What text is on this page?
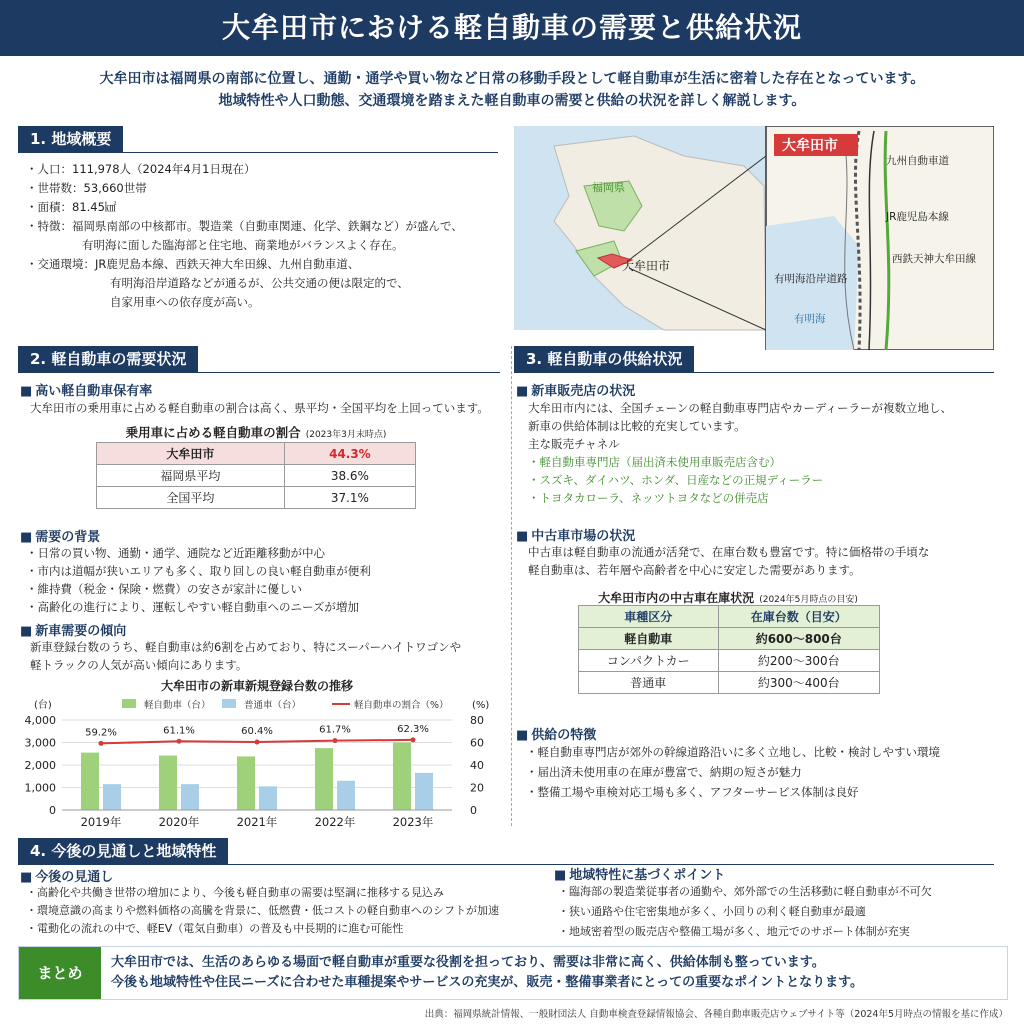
大牟田市における軽自動車の需要と供給状況
大牟田市は福岡県の南部に位置し、通勤・通学や買い物など日常の移動手段として軽自動車が生活に密着した存在となっています。
地域特性や人口動態、交通環境を踏まえた軽自動車の需要と供給の状況を詳しく解説します。
1. 地域概要
・人口：111,978人（2024年4月1日現在）
・世帯数：53,660世帯
・面積：81.45㎢
・特徴：福岡県南部の中核都市。製造業（自動車関連、化学、鉄鋼など）が盛んで、
有明海に面した臨海部と住宅地、商業地がバランスよく存在。
・交通環境：JR鹿児島本線、西鉄天神大牟田線、九州自動車道、
有明海沿岸道路などが通るが、公共交通の便は限定的で、
自家用車への依存度が高い。
福岡県
大牟田市
大牟田市
九州自動車道
JR鹿児島本線
西鉄天神大牟田線
有明海沿岸道路
有明海
2. 軽自動車の需要状況
■ 高い軽自動車保有率
大牟田市の乗用車に占める軽自動車の割合は高く、県平均・全国平均を上回っています。
乗用車に占める軽自動車の割合 (2023年3月末時点)
大牟田市	44.3%
福岡県平均	38.6%
全国平均	37.1%
■ 需要の背景
・日常の買い物、通勤・通学、通院など近距離移動が中心
・市内は道幅が狭いエリアも多く、取り回しの良い軽自動車が便利
・維持費（税金・保険・燃費）の安さが家計に優しい
・高齢化の進行により、運転しやすい軽自動車へのニーズが増加
■ 新車需要の傾向
新車登録台数のうち、軽自動車は約6割を占めており、特にスーパーハイトワゴンや
軽トラックの人気が高い傾向にあります。
大牟田市の新車新規登録台数の推移
(台)	(%)
軽自動車（台）	普通車（台）	軽自動車の割合（%）
0
1,000
2,000
3,000
4,000
0
20
40
60
80
2019年	2020年	2021年	2022年	2023年
59.2%	61.1%	60.4%	61.7%	62.3%
3. 軽自動車の供給状況
■ 新車販売店の状況
大牟田市内には、全国チェーンの軽自動車専門店やカーディーラーが複数立地し、
新車の供給体制は比較的充実しています。
主な販売チャネル
・軽自動車専門店（届出済未使用車販売店含む）
・スズキ、ダイハツ、ホンダ、日産などの正規ディーラー
・トヨタカローラ、ネッツトヨタなどの併売店
■ 中古車市場の状況
中古車は軽自動車の流通が活発で、在庫台数も豊富です。特に価格帯の手頃な
軽自動車は、若年層や高齢者を中心に安定した需要があります。
大牟田市内の中古車在庫状況 (2024年5月時点の目安)
車種区分	在庫台数（目安）
軽自動車	約600〜800台
コンパクトカー	約200〜300台
普通車	約300〜400台
■ 供給の特徴
・軽自動車専門店が郊外の幹線道路沿いに多く立地し、比較・検討しやすい環境
・届出済未使用車の在庫が豊富で、納期の短さが魅力
・整備工場や車検対応工場も多く、アフターサービス体制は良好
4. 今後の見通しと地域特性
■ 今後の見通し
・高齢化や共働き世帯の増加により、今後も軽自動車の需要は堅調に推移する見込み
・環境意識の高まりや燃料価格の高騰を背景に、低燃費・低コストの軽自動車へのシフトが加速
・電動化の流れの中で、軽EV（電気自動車）の普及も中長期的に進む可能性
■ 地域特性に基づくポイント
・臨海部の製造業従事者の通勤や、郊外部での生活移動に軽自動車が不可欠
・狭い通路や住宅密集地が多く、小回りの利く軽自動車が最適
・地域密着型の販売店や整備工場が多く、地元でのサポート体制が充実
まとめ
大牟田市では、生活のあらゆる場面で軽自動車が重要な役割を担っており、需要は非常に高く、供給体制も整っています。
今後も地域特性や住民ニーズに合わせた車種提案やサービスの充実が、販売・整備事業者にとっての重要なポイントとなります。
出典：福岡県統計情報、一般財団法人 自動車検査登録情報協会、各種自動車販売店ウェブサイト等（2024年5月時点の情報を基に作成）
